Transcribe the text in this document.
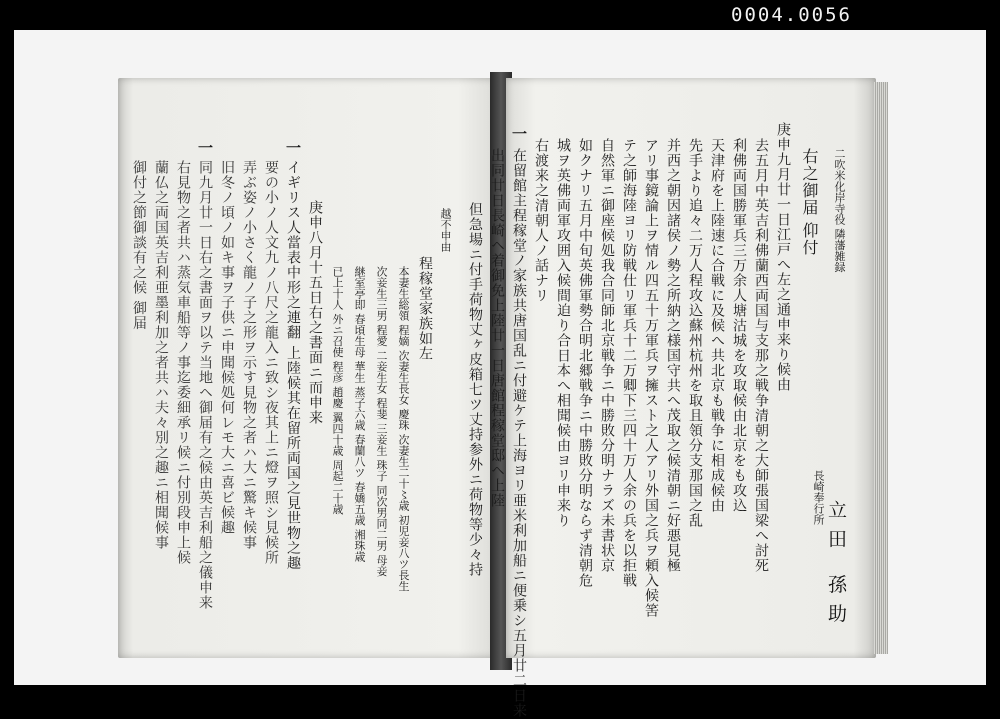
0004.0056
但急場ニ付手荷物丈ヶ皮箱七ツ丈持参外ニ荷物等少々持
越不申由
程稼堂家族如左
本妻生総領 程嫡 次妻生長女 慶珠 次妻生二十〻歳 初児妾八ツ長生
次妾生三男 程愛 二妾生女 程斐 三妾生 珠子 同次男同二男 母妾
継室亭即 春頃生母 華生 蒸子六歳 春蘭八ツ 春嬌五歳 湘珠歳
已上十人 外ニ召使 程彦 趙慶 翼四十歳 周起二十歳
庚申八月十五日右之書面ニ而申来
一
イギリス人當表中形之連翻 上陸候其在留所両国之見世物之趣
要の小ノ人文九ノ八尺之龍入ニ致シ夜其上ニ燈ヲ照シ見候所
弄ぶ姿ノ小さく龍ノ子之形ヲ示す見物之者ハ大ニ驚キ候事
旧冬ノ頃ノ如キ事ヲ子供ニ申聞候処何レモ大ニ喜ビ候趣
一
同九月廿一日右之書面ヲ以テ当地ヘ御届有之候由英吉利船之儀申来
右見物之者共ハ蒸気車船等ノ事迄委細承リ候ニ付別段申上候
蘭仏之両国英吉利亜墨利加之者共ハ夫々別之趣ニ相聞候事
御付之節御談有之候 御届	二吹米化岸寺役 隣藩雑録
右之御届 仰付
庚申九月廿一日江戸へ左之通申来り候由
去五月中英吉利佛蘭西両国与支那之戦争清朝之大師張国梁へ討死
利佛両国勝軍兵三万余人塘沽城を攻取候由北京をも攻込
天津府を上陸速に合戦に及候へ共北京も戦争に相成候由
先手より追々二万人程攻込蘇州杭州を取且領分支那国之乱
并西之朝因諸侯ノ勢之所納之様国守共へ茂取之候清朝ニ好悪見極
アリ事鏡論上ヲ情ル四五十万軍兵ヲ擁スト之人アリ外国之兵ヲ頼入候筈
テ之師海陸ヨリ防戦仕リ軍兵十二万卿下三四十万人余の兵を以拒戦
自然軍ニ御座候処我合同師北京戦争ニ中勝敗分明ナラズ未書状京
如クナリ五月中旬英佛軍勢合明北郷戦争ニ中勝敗分明ならず清朝危
城ヲ英佛両軍攻囲入候間迫り合日本へ相聞候由ヨリ申来り
右渡来之清朝人ノ話ナリ
一
在留館主程稼堂ノ家族共唐国乱ニ付避ケテ上海ヨリ亜米利加船ニ便乗シ五月廿二日来
出同廿日長崎ヘ着御免上陸廿一日唐館程稼堂邸ヘ上陸	長崎奉行所
立田 孫助
